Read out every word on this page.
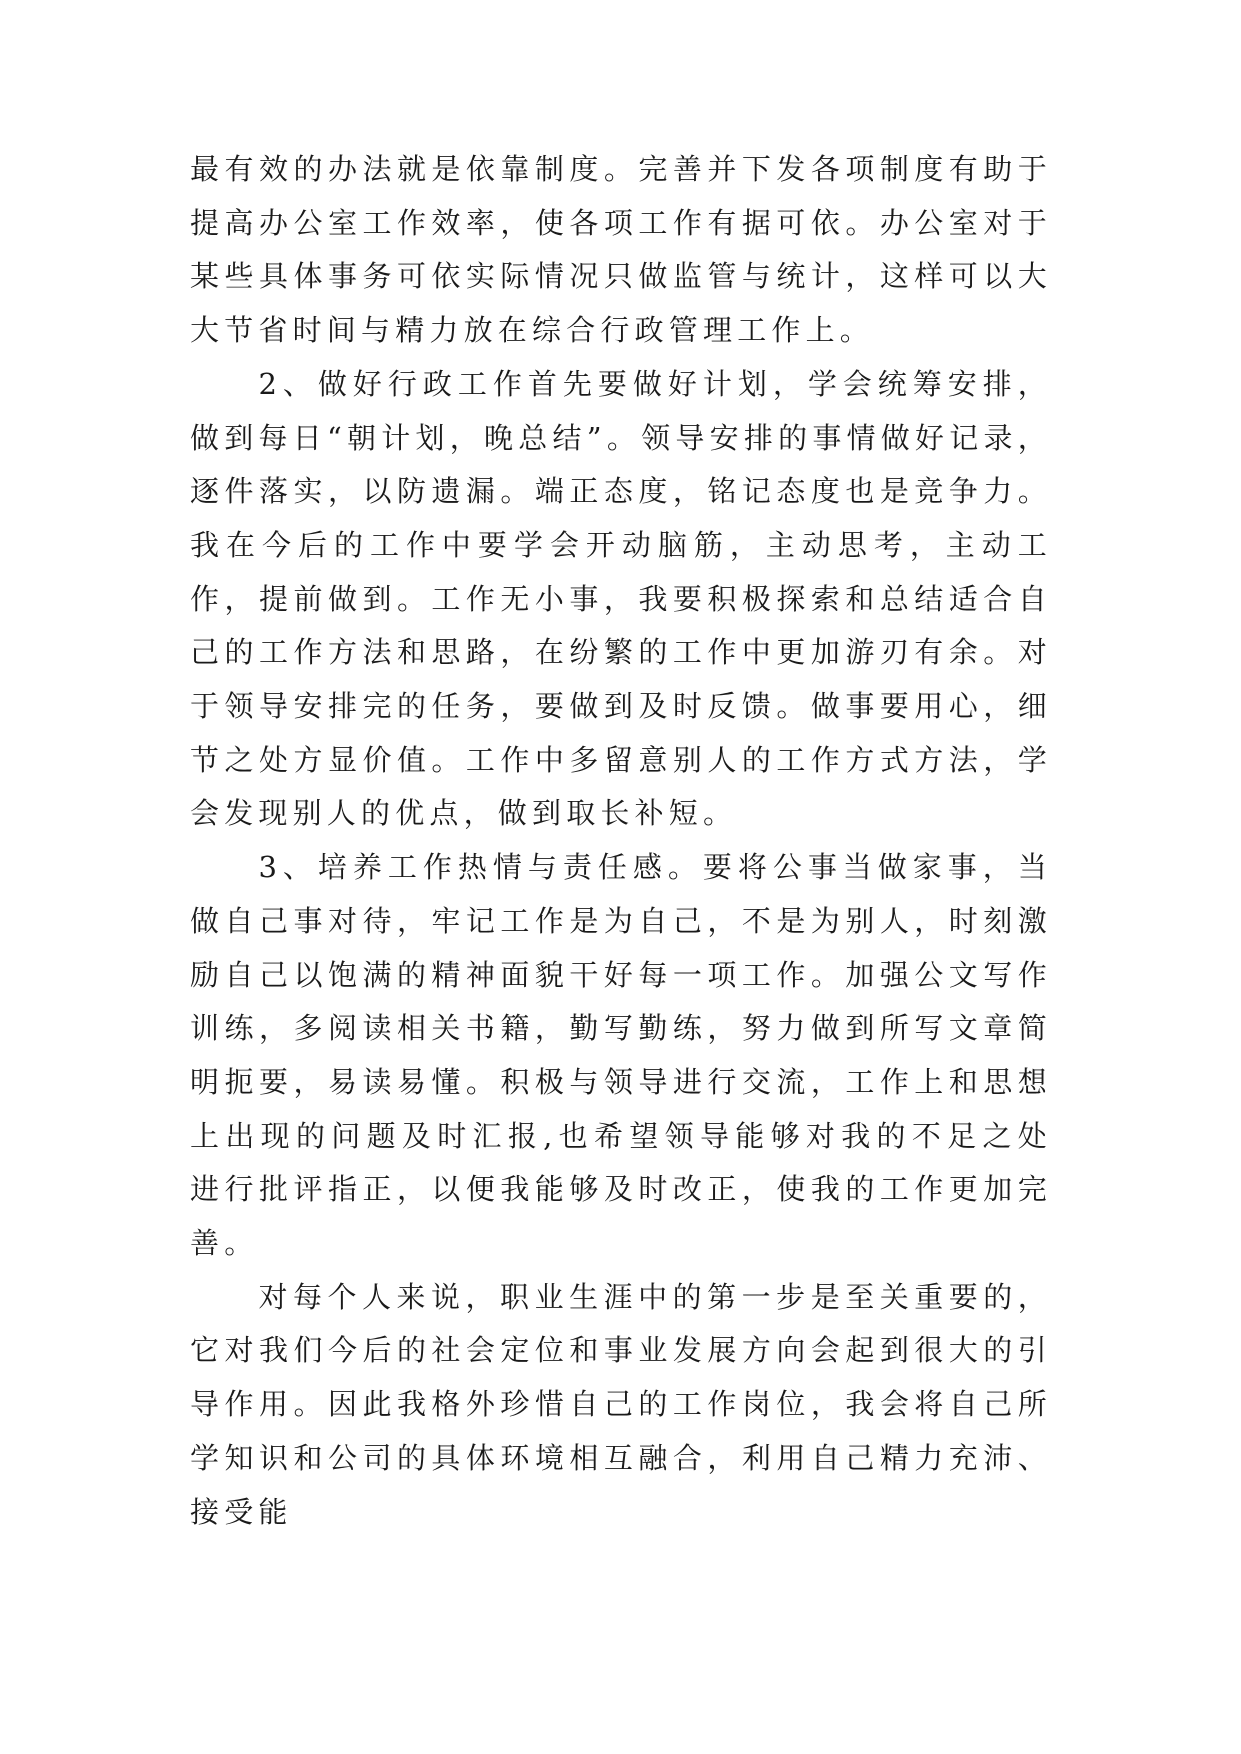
最有效的办法就是依靠制度。完善并下发各项制度有助于提高办公室工作效率，使各项工作有据可依。办公室对于某些具体事务可依实际情况只做监管与统计，这样可以大大节省时间与精力放在综合行政管理工作上。

2、做好行政工作首先要做好计划，学会统筹安排，做到每日“朝计划，晚总结”。领导安排的事情做好记录，逐件落实，以防遗漏。端正态度，铭记态度也是竞争力。我在今后的工作中要学会开动脑筋，主动思考，主动工作，提前做到。工作无小事，我要积极探索和总结适合自己的工作方法和思路，在纷繁的工作中更加游刃有余。对于领导安排完的任务，要做到及时反馈。做事要用心，细节之处方显价值。工作中多留意别人的工作方式方法，学会发现别人的优点，做到取长补短。

3、培养工作热情与责任感。要将公事当做家事，当做自己事对待，牢记工作是为自己，不是为别人，时刻激励自己以饱满的精神面貌干好每一项工作。加强公文写作训练，多阅读相关书籍，勤写勤练，努力做到所写文章简明扼要，易读易懂。积极与领导进行交流，工作上和思想上出现的问题及时汇报,也希望领导能够对我的不足之处进行批评指正，以便我能够及时改正，使我的工作更加完善。

对每个人来说，职业生涯中的第一步是至关重要的，它对我们今后的社会定位和事业发展方向会起到很大的引导作用。因此我格外珍惜自己的工作岗位，我会将自己所学知识和公司的具体环境相互融合，利用自己精力充沛、接受能
